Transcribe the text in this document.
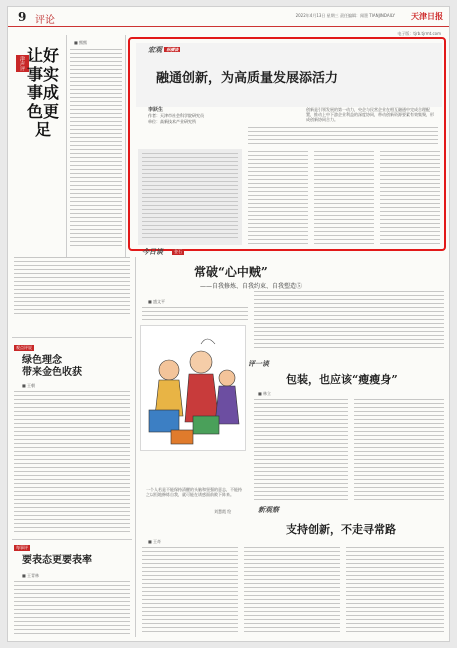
9 评论	2022年4月13日 星期三 责任编辑：闻墨 TIANJINDAILY 天津日报
电子版：tjrb.tjrmt.com
津声评 让好事实事成色更足
■ 熊熊
宏观 纵横谈
融通创新，为高质量发展添活力
李跃生
作者：天津市社会科学院研究员
单位：高新技术产业研究所
创新是引领发展的第一动力，央企与民营企业在相互融通中完成合理配置，推动上中下游企业利益的深度协同，带动创新资源要素有效集聚，形成创新协同合力。
观点评说
绿色理念
带来金色收获
■ 王朝
每事评
要表态更要表率
■ 王青林
今日谈	金石
常破“心中贼”
——自我修炼、自我约束、自我塑造⑤
■ 盛文平
一个人若是不能保持清醒的头脑和坚强的意志，不能持之以恒地修炼自我，就可能在诱惑面前败下阵来。
刘慧霞 绘
评一谈
包装，也应该“瘦瘦身”
■ 林立
新观察
支持创新，不走寻常路
■ 王奇
